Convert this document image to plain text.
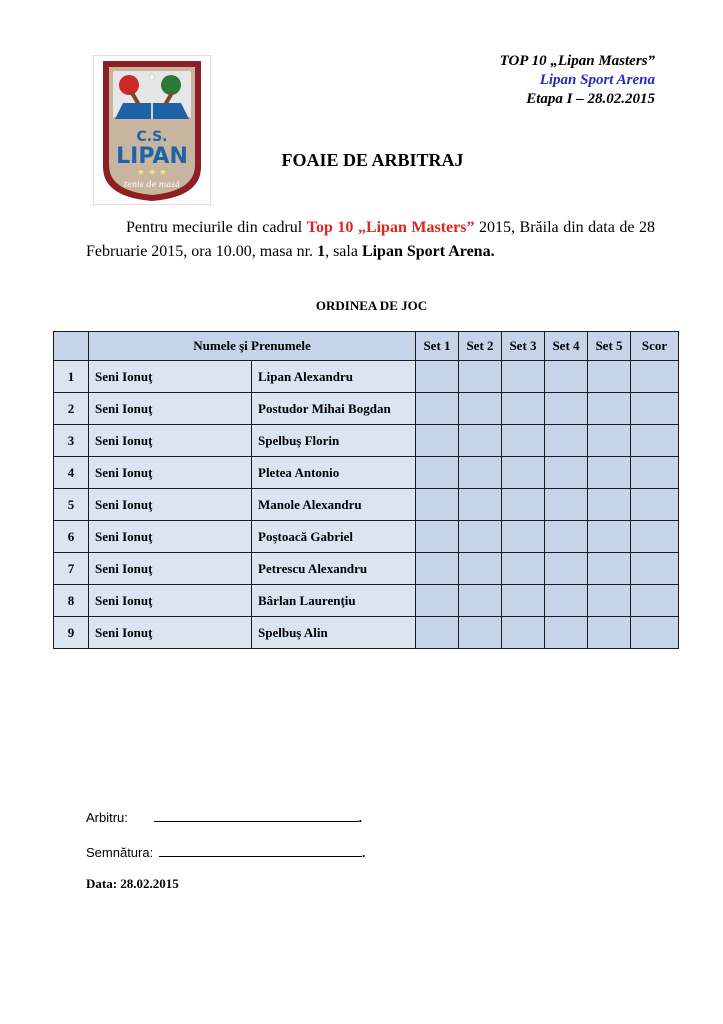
C.S.
LIPAN
★ ★ ★
tenis de masă
TOP 10 „Lipan Masters”
Lipan Sport Arena
Etapa I – 28.02.2015
FOAIE DE ARBITRAJ
Pentru meciurile din cadrul Top 10 „Lipan Masters” 2015, Brăila din data de 28 Februarie 2015, ora 10.00, masa nr. 1, sala Lipan Sport Arena.
ORDINEA DE JOC
	Numele şi Prenumele		Set 1	Set 2	Set 3	Set 4	Set 5	Scor
1	Seni Ionuţ	Lipan Alexandru						
2	Seni Ionuţ	Postudor Mihai Bogdan						
3	Seni Ionuţ	Spelbuş Florin						
4	Seni Ionuţ	Pletea Antonio						
5	Seni Ionuţ	Manole Alexandru						
6	Seni Ionuţ	Poştoacă Gabriel						
7	Seni Ionuţ	Petrescu Alexandru						
8	Seni Ionuţ	Bârlan Laurenţiu						
9	Seni Ionuţ	Spelbuş Alin						
Arbitru:	.
Semnătura:	.
Data: 28.02.2015
